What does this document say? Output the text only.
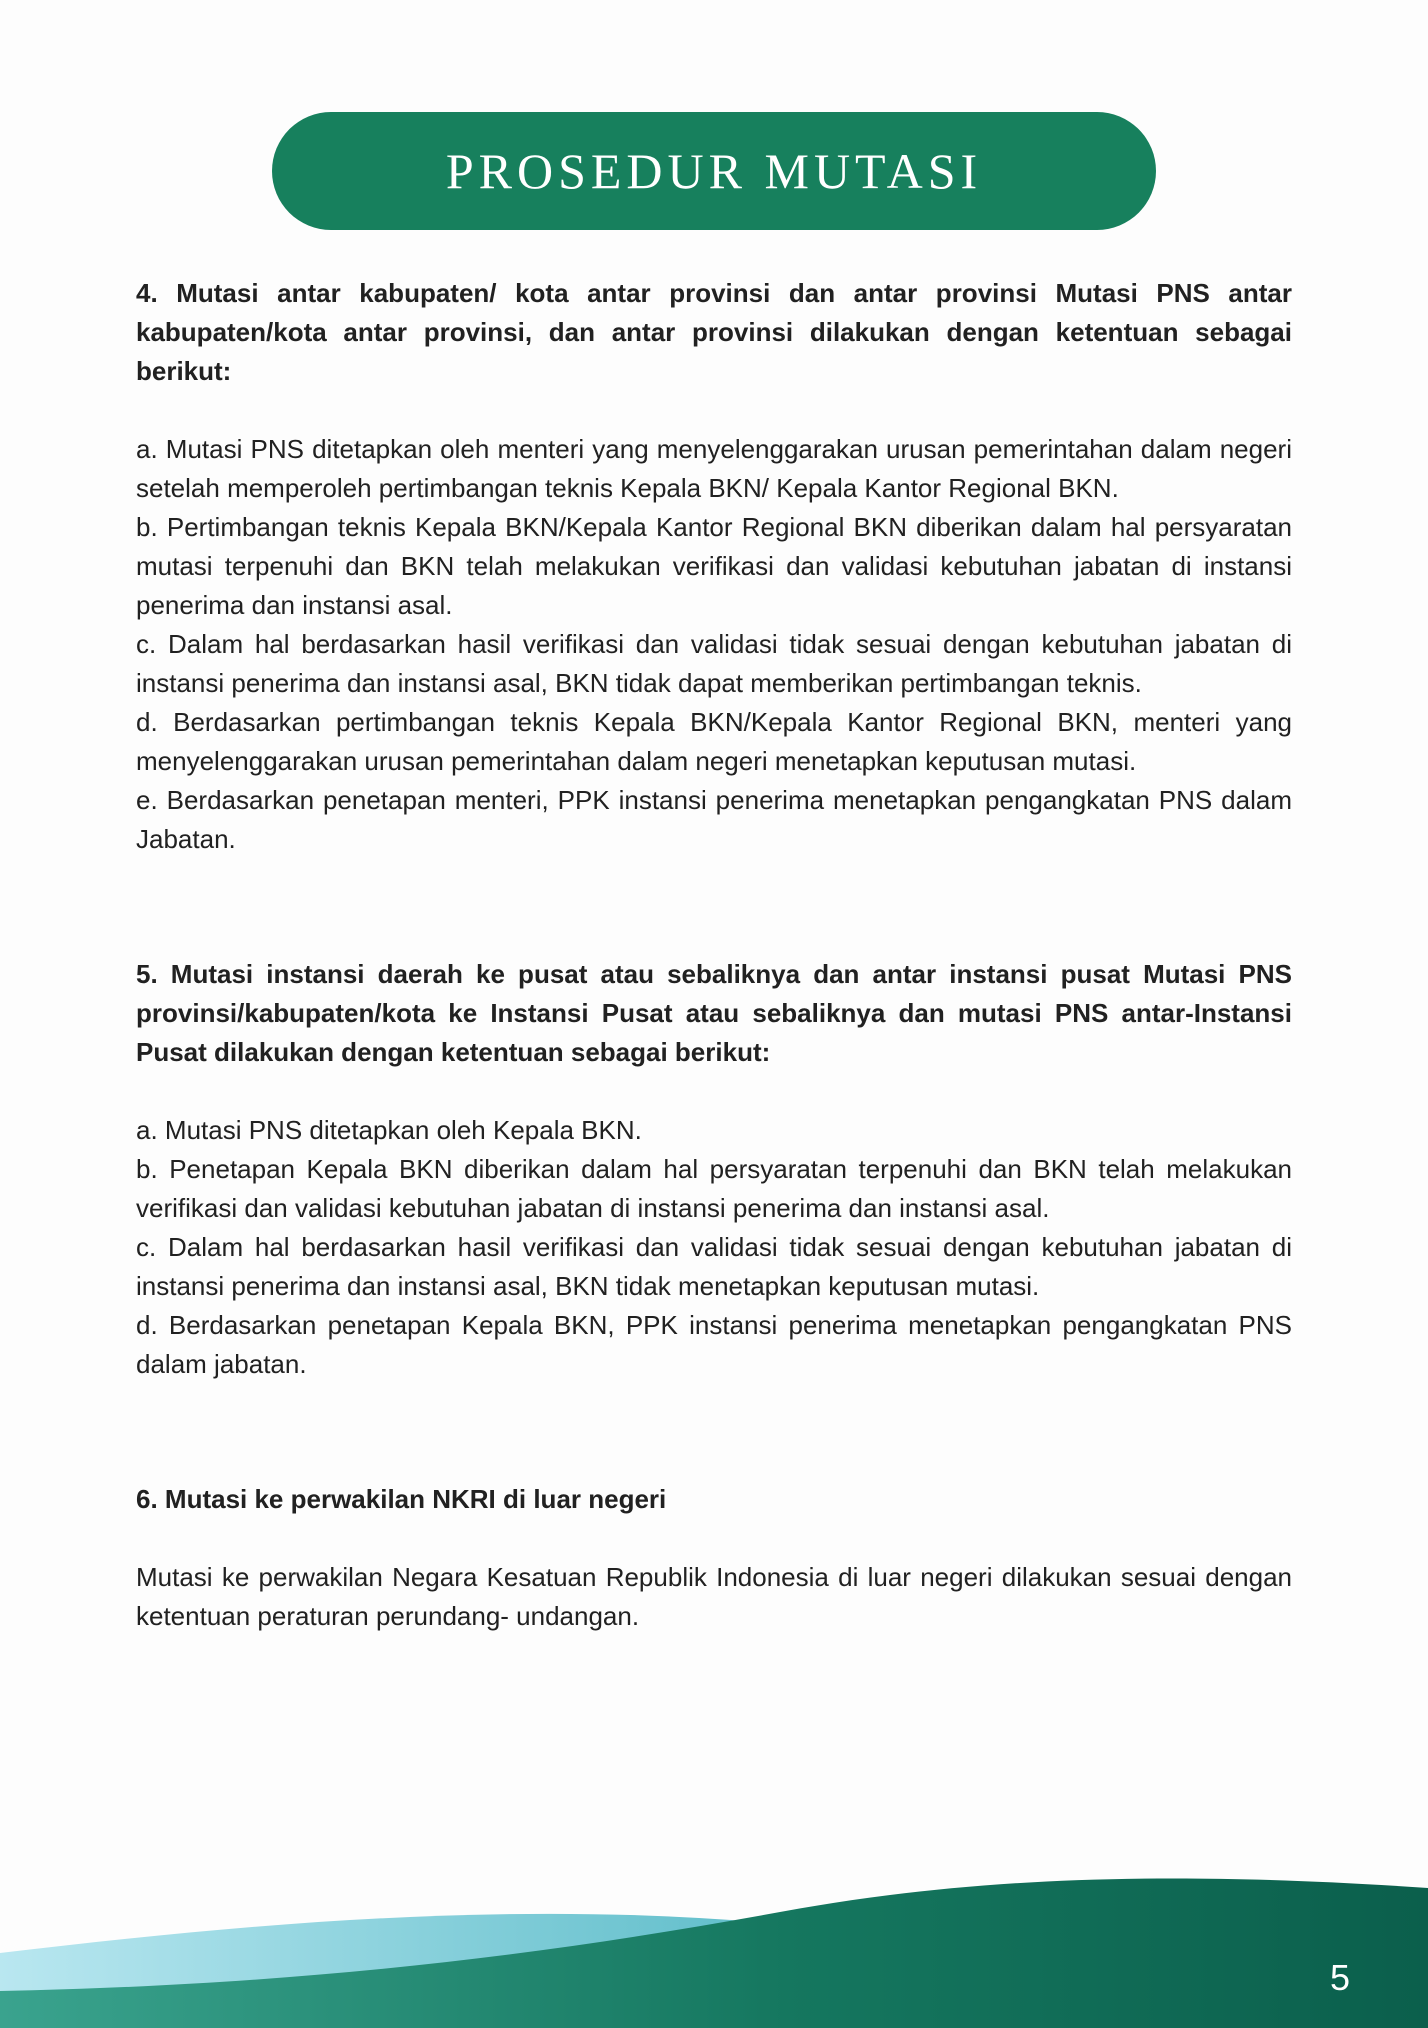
PROSEDUR MUTASI

4. Mutasi antar kabupaten/ kota antar provinsi dan antar provinsi Mutasi PNS antar kabupaten/kota antar provinsi, dan antar provinsi dilakukan dengan ketentuan sebagai berikut:

a. Mutasi PNS ditetapkan oleh menteri yang menyelenggarakan urusan pemerintahan dalam negeri setelah memperoleh pertimbangan teknis Kepala BKN/ Kepala Kantor Regional BKN.

b. Pertimbangan teknis Kepala BKN/Kepala Kantor Regional BKN diberikan dalam hal persyaratan mutasi terpenuhi dan BKN telah melakukan verifikasi dan validasi kebutuhan jabatan di instansi penerima dan instansi asal.

c. Dalam hal berdasarkan hasil verifikasi dan validasi tidak sesuai dengan kebutuhan jabatan di instansi penerima dan instansi asal, BKN tidak dapat memberikan pertimbangan teknis.

d. Berdasarkan pertimbangan teknis Kepala BKN/Kepala Kantor Regional BKN, menteri yang menyelenggarakan urusan pemerintahan dalam negeri menetapkan keputusan mutasi.

e. Berdasarkan penetapan menteri, PPK instansi penerima menetapkan pengangkatan PNS dalam Jabatan.

5. Mutasi instansi daerah ke pusat atau sebaliknya dan antar instansi pusat Mutasi PNS provinsi/kabupaten/kota ke Instansi Pusat atau sebaliknya dan mutasi PNS antar-Instansi Pusat dilakukan dengan ketentuan sebagai berikut:

a. Mutasi PNS ditetapkan oleh Kepala BKN.

b. Penetapan Kepala BKN diberikan dalam hal persyaratan terpenuhi dan BKN telah melakukan verifikasi dan validasi kebutuhan jabatan di instansi penerima dan instansi asal.

c. Dalam hal berdasarkan hasil verifikasi dan validasi tidak sesuai dengan kebutuhan jabatan di instansi penerima dan instansi asal, BKN tidak menetapkan keputusan mutasi.

d. Berdasarkan penetapan Kepala BKN, PPK instansi penerima menetapkan pengangkatan PNS dalam jabatan.

6. Mutasi ke perwakilan NKRI di luar negeri

Mutasi ke perwakilan Negara Kesatuan Republik Indonesia di luar negeri dilakukan sesuai dengan ketentuan peraturan perundang- undangan.

5
